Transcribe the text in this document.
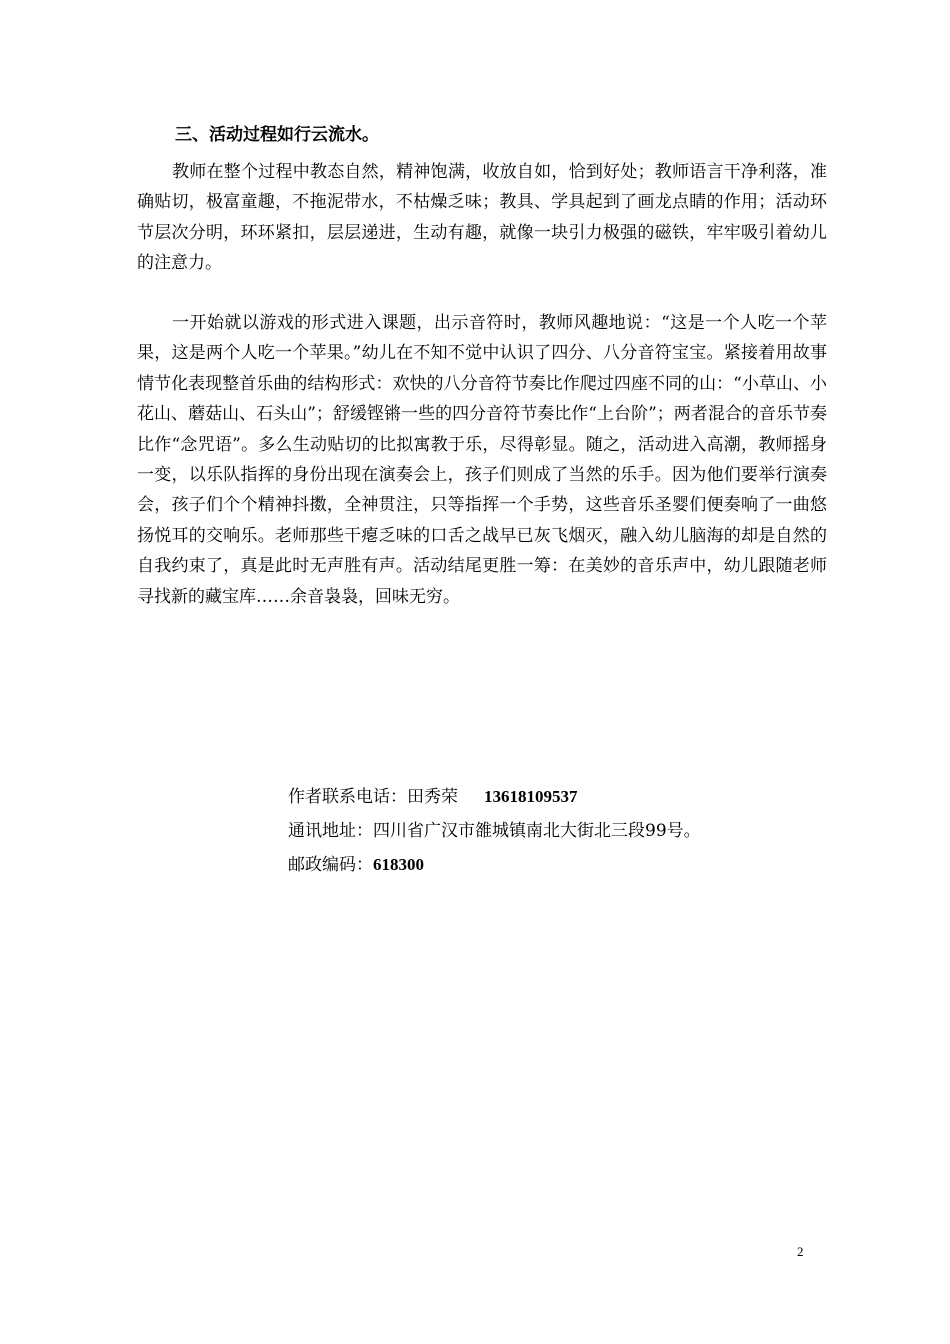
三、活动过程如行云流水。

教师在整个过程中教态自然，精神饱满，收放自如，恰到好处；教师语言干净利落，准确贴切，极富童趣，不拖泥带水，不枯燥乏味；教具、学具起到了画龙点睛的作用；活动环节层次分明，环环紧扣，层层递进，生动有趣，就像一块引力极强的磁铁，牢牢吸引着幼儿的注意力。

一开始就以游戏的形式进入课题，出示音符时，教师风趣地说：“这是一个人吃一个苹果，这是两个人吃一个苹果。”幼儿在不知不觉中认识了四分、八分音符宝宝。紧接着用故事情节化表现整首乐曲的结构形式：欢快的八分音符节奏比作爬过四座不同的山：“小草山、小花山、蘑菇山、石头山”；舒缓铿锵一些的四分音符节奏比作“上台阶”；两者混合的音乐节奏比作“念咒语”。多么生动贴切的比拟寓教于乐，尽得彰显。随之，活动进入高潮，教师摇身一变，以乐队指挥的身份出现在演奏会上，孩子们则成了当然的乐手。因为他们要举行演奏会，孩子们个个精神抖擞，全神贯注，只等指挥一个手势，这些音乐圣婴们便奏响了一曲悠扬悦耳的交响乐。老师那些干瘪乏味的口舌之战早已灰飞烟灭，融入幼儿脑海的却是自然的自我约束了，真是此时无声胜有声。活动结尾更胜一筹：在美妙的音乐声中，幼儿跟随老师寻找新的藏宝库……余音袅袅，回味无穷。

作者联系电话：田秀荣 13618109537
通讯地址：四川省广汉市雒城镇南北大街北三段99号。
邮政编码：618300
2
